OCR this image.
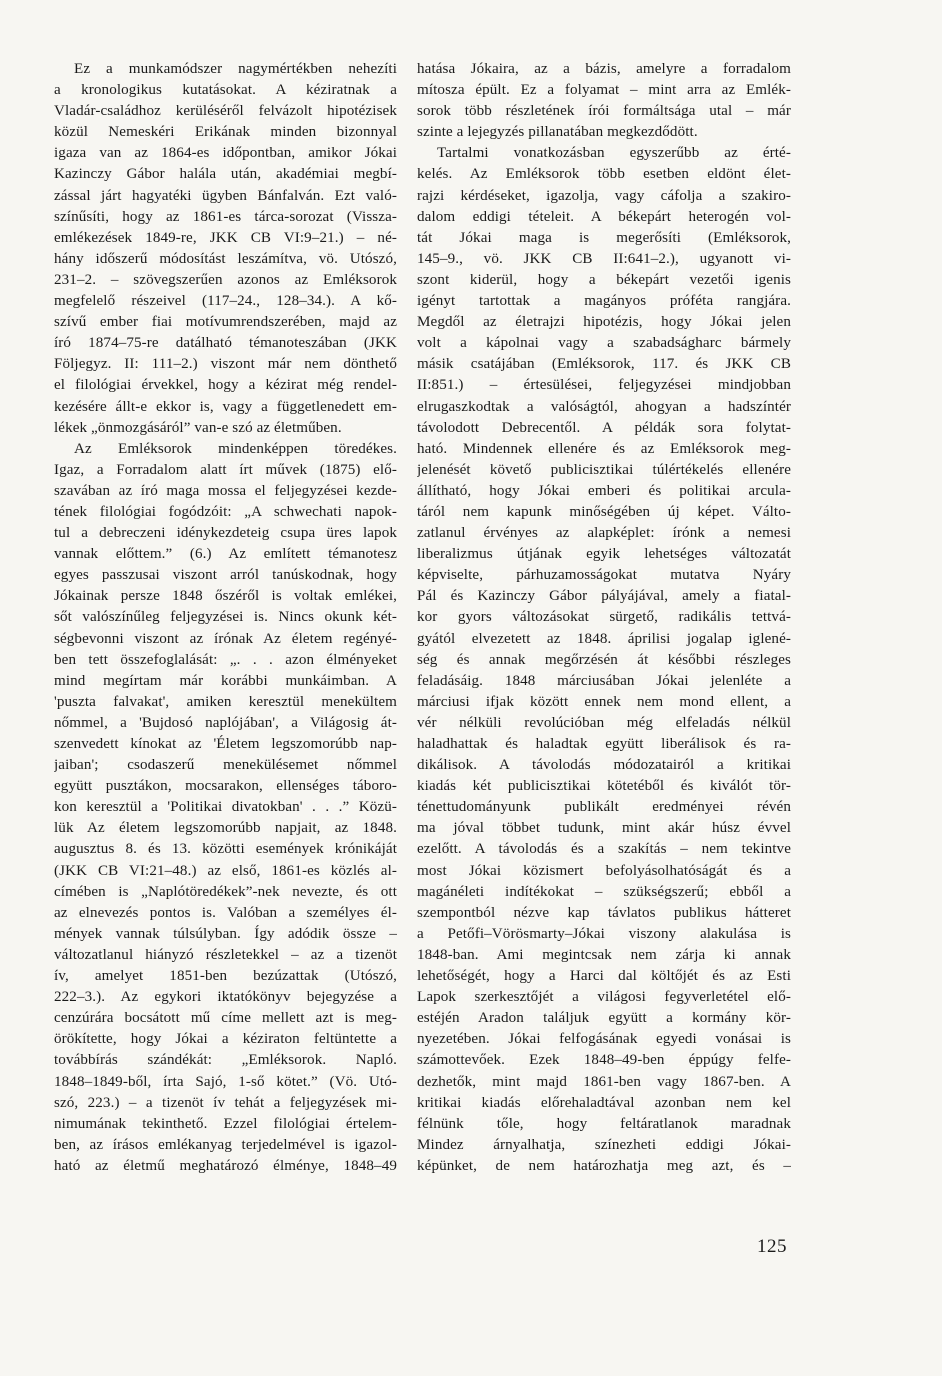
Ez a munkamódszer nagymértékben nehezíti
a kronologikus kutatásokat. A kéziratnak a
Vladár-családhoz kerüléséről felvázolt hipotézisek
közül Nemeskéri Erikának minden bizonnyal
igaza van az 1864-es időpontban, amikor Jókai
Kazinczy Gábor halála után, akadémiai megbí-
zással járt hagyatéki ügyben Bánfalván. Ezt való-
színűsíti, hogy az 1861-es tárca-sorozat (Vissza-
emlékezések 1849-re, JKK CB VI:9–21.) – né-
hány időszerű módosítást leszámítva, vö. Utószó,
231–2. – szövegszerűen azonos az Emléksorok
megfelelő részeivel (117–24., 128–34.). A kő-
szívű ember fiai motívumrendszerében, majd az
író 1874–75-re datálható témanoteszában (JKK
Följegyz. II: 111–2.) viszont már nem dönthető
el filológiai érvekkel, hogy a kézirat még rendel-
kezésére állt-e ekkor is, vagy a függetlenedett em-
lékek „önmozgásáról” van-e szó az életműben.
Az Emléksorok mindenképpen töredékes.
Igaz, a Forradalom alatt írt művek (1875) elő-
szavában az író maga mossa el feljegyzései kezde-
tének filológiai fogódzóit: „A schwechati napok-
tul a debreczeni idénykezdeteig csupa üres lapok
vannak előttem.” (6.) Az említett témanotesz
egyes passzusai viszont arról tanúskodnak, hogy
Jókainak persze 1848 őszéről is voltak emlékei,
sőt valószínűleg feljegyzései is. Nincs okunk két-
ségbevonni viszont az írónak Az életem regényé-
ben tett összefoglalását: „. . . azon élményeket
mind megírtam már korábbi munkáimban. A
'puszta falvakat', amiken keresztül menekültem
nőmmel, a 'Bujdosó naplójában', a Világosig át-
szenvedett kínokat az 'Életem legszomorúbb nap-
jaiban'; csodaszerű menekülésemet nőmmel
együtt pusztákon, mocsarakon, ellenséges táboro-
kon keresztül a 'Politikai divatokban' . . .” Közü-
lük Az életem legszomorúbb napjait, az 1848.
augusztus 8. és 13. közötti események krónikáját
(JKK CB VI:21–48.) az első, 1861-es közlés al-
címében is „Naplótöredékek”-nek nevezte, és ott
az elnevezés pontos is. Valóban a személyes él-
mények vannak túlsúlyban. Így adódik össze –
változatlanul hiányzó részletekkel – az a tizenöt
ív, amelyet 1851-ben bezúzattak (Utószó,
222–3.). Az egykori iktatókönyv bejegyzése a
cenzúrára bocsátott mű címe mellett azt is meg-
örökítette, hogy Jókai a kéziraton feltüntette a
továbbírás szándékát: „Emléksorok. Napló.
1848–1849-ből, írta Sajó, 1-ső kötet.” (Vö. Utó-
szó, 223.) – a tizenöt ív tehát a feljegyzések mi-
nimumának tekinthető. Ezzel filológiai értelem-
ben, az írásos emlékanyag terjedelmével is igazol-
ható az életmű meghatározó élménye, 1848–49
hatása Jókaira, az a bázis, amelyre a forradalom
mítosza épült. Ez a folyamat – mint arra az Emlék-
sorok több részletének írói formáltsága utal – már
szinte a lejegyzés pillanatában megkezdődött.
Tartalmi vonatkozásban egyszerűbb az érté-
kelés. Az Emléksorok több esetben eldönt élet-
rajzi kérdéseket, igazolja, vagy cáfolja a szakiro-
dalom eddigi tételeit. A békepárt heterogén vol-
tát Jókai maga is megerősíti (Emléksorok,
145–9., vö. JKK CB II:641–2.), ugyanott vi-
szont kiderül, hogy a békepárt vezetői igenis
igényt tartottak a magányos próféta rangjára.
Megdől az életrajzi hipotézis, hogy Jókai jelen
volt a kápolnai vagy a szabadságharc bármely
másik csatájában (Emléksorok, 117. és JKK CB
II:851.) – értesülései, feljegyzései mindjobban
elrugaszkodtak a valóságtól, ahogyan a hadszíntér
távolodott Debrecentől. A példák sora folytat-
ható. Mindennek ellenére és az Emléksorok meg-
jelenését követő publicisztikai túlértékelés ellenére
állítható, hogy Jókai emberi és politikai arcula-
táról nem kapunk minőségében új képet. Válto-
zatlanul érvényes az alapképlet: írónk a nemesi
liberalizmus útjának egyik lehetséges változatát
képviselte, párhuzamosságokat mutatva Nyáry
Pál és Kazinczy Gábor pályájával, amely a fiatal-
kor gyors változásokat sürgető, radikális tettvá-
gyától elvezetett az 1848. áprilisi jogalap iglené-
ség és annak megőrzésén át későbbi részleges
feladásáig. 1848 márciusában Jókai jelenléte a
márciusi ifjak között ennek nem mond ellent, a
vér nélküli revolúcióban még elfeladás nélkül
haladhattak és haladtak együtt liberálisok és ra-
dikálisok. A távolodás módozatairól a kritikai
kiadás két publicisztikai kötetéből és kiválót tör-
ténettudományunk publikált eredményei révén
ma jóval többet tudunk, mint akár húsz évvel
ezelőtt. A távolodás és a szakítás – nem tekintve
most Jókai közismert befolyásolhatóságát és a
magánéleti indítékokat – szükségszerű; ebből a
szempontból nézve kap távlatos publikus hátteret
a Petőfi–Vörösmarty–Jókai viszony alakulása is
1848-ban. Ami megintcsak nem zárja ki annak
lehetőségét, hogy a Harci dal költőjét és az Esti
Lapok szerkesztőjét a világosi fegyverletétel elő-
estéjén Aradon találjuk együtt a kormány kör-
nyezetében. Jókai felfogásának egyedi vonásai is
számottevőek. Ezek 1848–49-ben éppúgy felfe-
dezhetők, mint majd 1861-ben vagy 1867-ben. A
kritikai kiadás előrehaladtával azonban nem kel
félnünk tőle, hogy feltáratlanok maradnak
Mindez árnyalhatja, színezheti eddigi Jókai-
képünket, de nem határozhatja meg azt, és –
125
